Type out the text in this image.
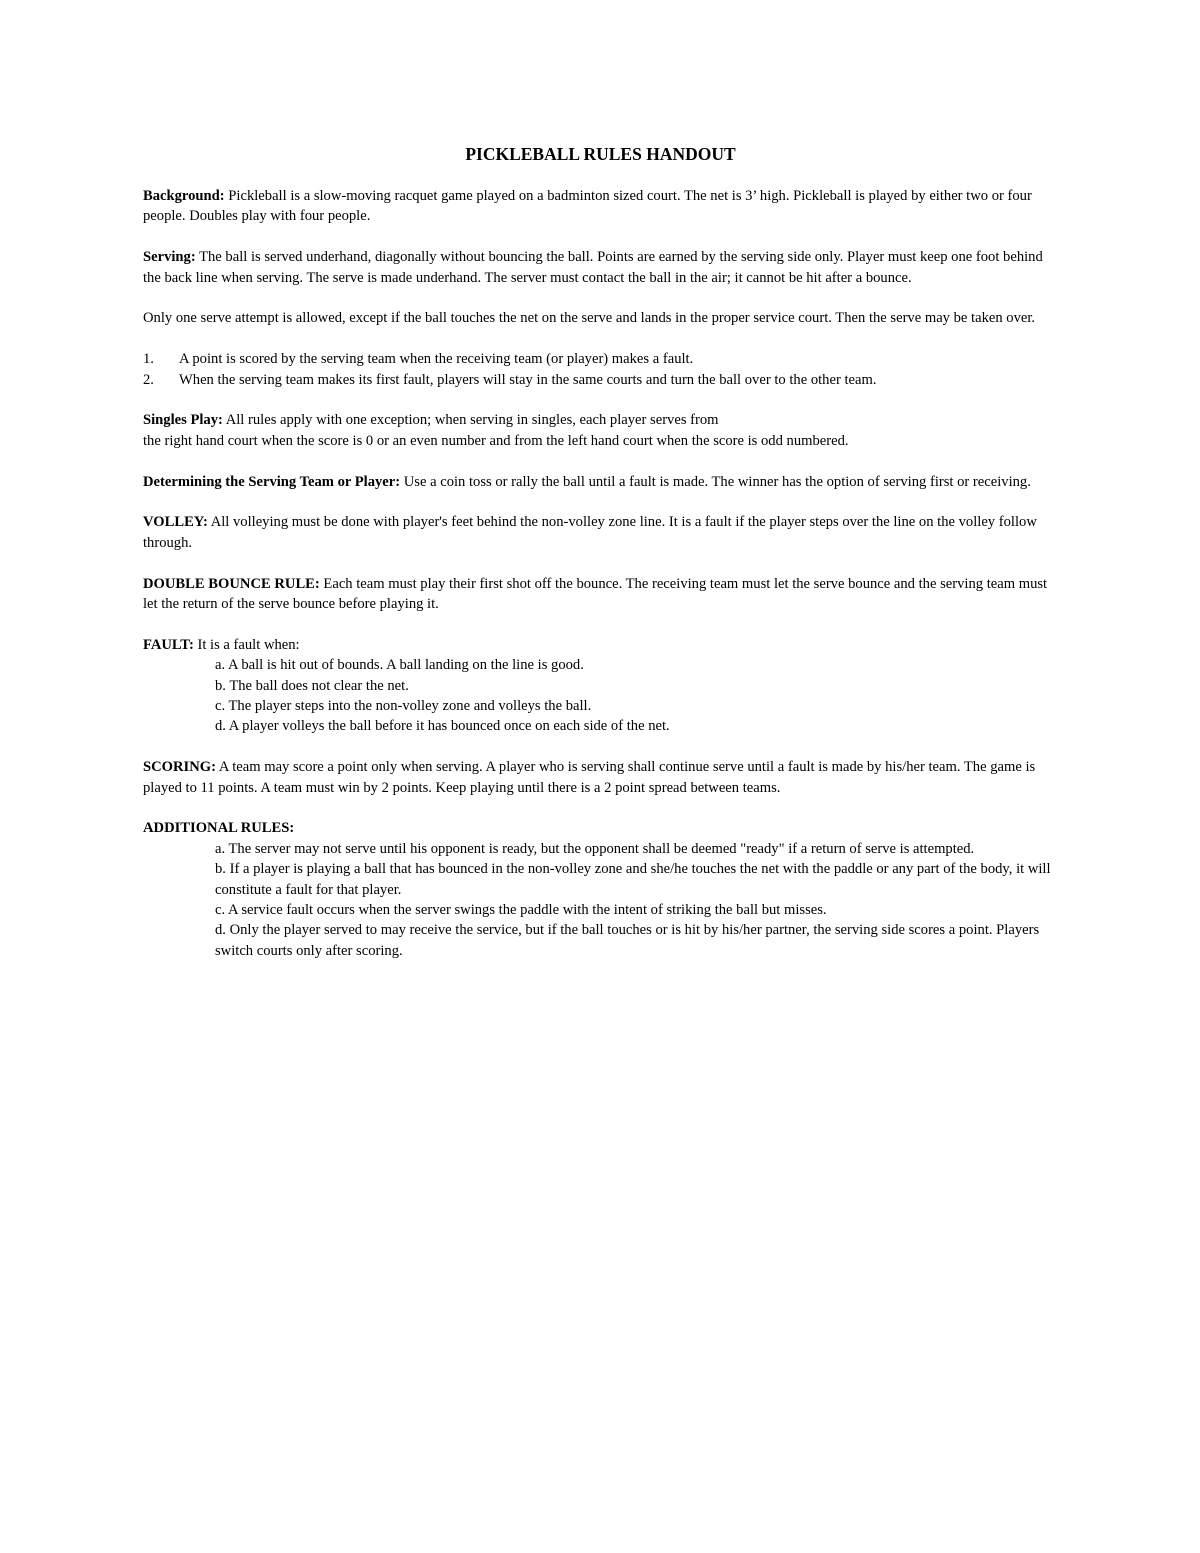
PICKLEBALL RULES HANDOUT

Background: Pickleball is a slow-moving racquet game played on a badminton sized court. The net is 3’ high. Pickleball is played by either two or four people. Doubles play with four people.

Serving: The ball is served underhand, diagonally without bouncing the ball. Points are earned by the serving side only. Player must keep one foot behind the back line when serving. The serve is made underhand. The server must contact the ball in the air; it cannot be hit after a bounce.

Only one serve attempt is allowed, except if the ball touches the net on the serve and lands in the proper service court. Then the serve may be taken over.

1. A point is scored by the serving team when the receiving team (or player) makes a fault.
2. When the serving team makes its first fault, players will stay in the same courts and turn the ball over to the other team.

Singles Play: All rules apply with one exception; when serving in singles, each player serves from
the right hand court when the score is 0 or an even number and from the left hand court when the score is odd numbered.

Determining the Serving Team or Player: Use a coin toss or rally the ball until a fault is made. The winner has the option of serving first or receiving.

VOLLEY: All volleying must be done with player's feet behind the non-volley zone line. It is a fault if the player steps over the line on the volley follow through.

DOUBLE BOUNCE RULE: Each team must play their first shot off the bounce. The receiving team must let the serve bounce and the serving team must let the return of the serve bounce before playing it.

FAULT: It is a fault when:

a. A ball is hit out of bounds. A ball landing on the line is good.
b. The ball does not clear the net.
c. The player steps into the non-volley zone and volleys the ball.
d. A player volleys the ball before it has bounced once on each side of the net.

SCORING: A team may score a point only when serving. A player who is serving shall continue serve until a fault is made by his/her team. The game is played to 11 points. A team must win by 2 points. Keep playing until there is a 2 point spread between teams.

ADDITIONAL RULES:

a. The server may not serve until his opponent is ready, but the opponent shall be deemed "ready" if a return of serve is attempted.
b. If a player is playing a ball that has bounced in the non-volley zone and she/he touches the net with the paddle or any part of the body, it will constitute a fault for that player.
c. A service fault occurs when the server swings the paddle with the intent of striking the ball but misses.
d. Only the player served to may receive the service, but if the ball touches or is hit by his/her partner, the serving side scores a point. Players switch courts only after scoring.
